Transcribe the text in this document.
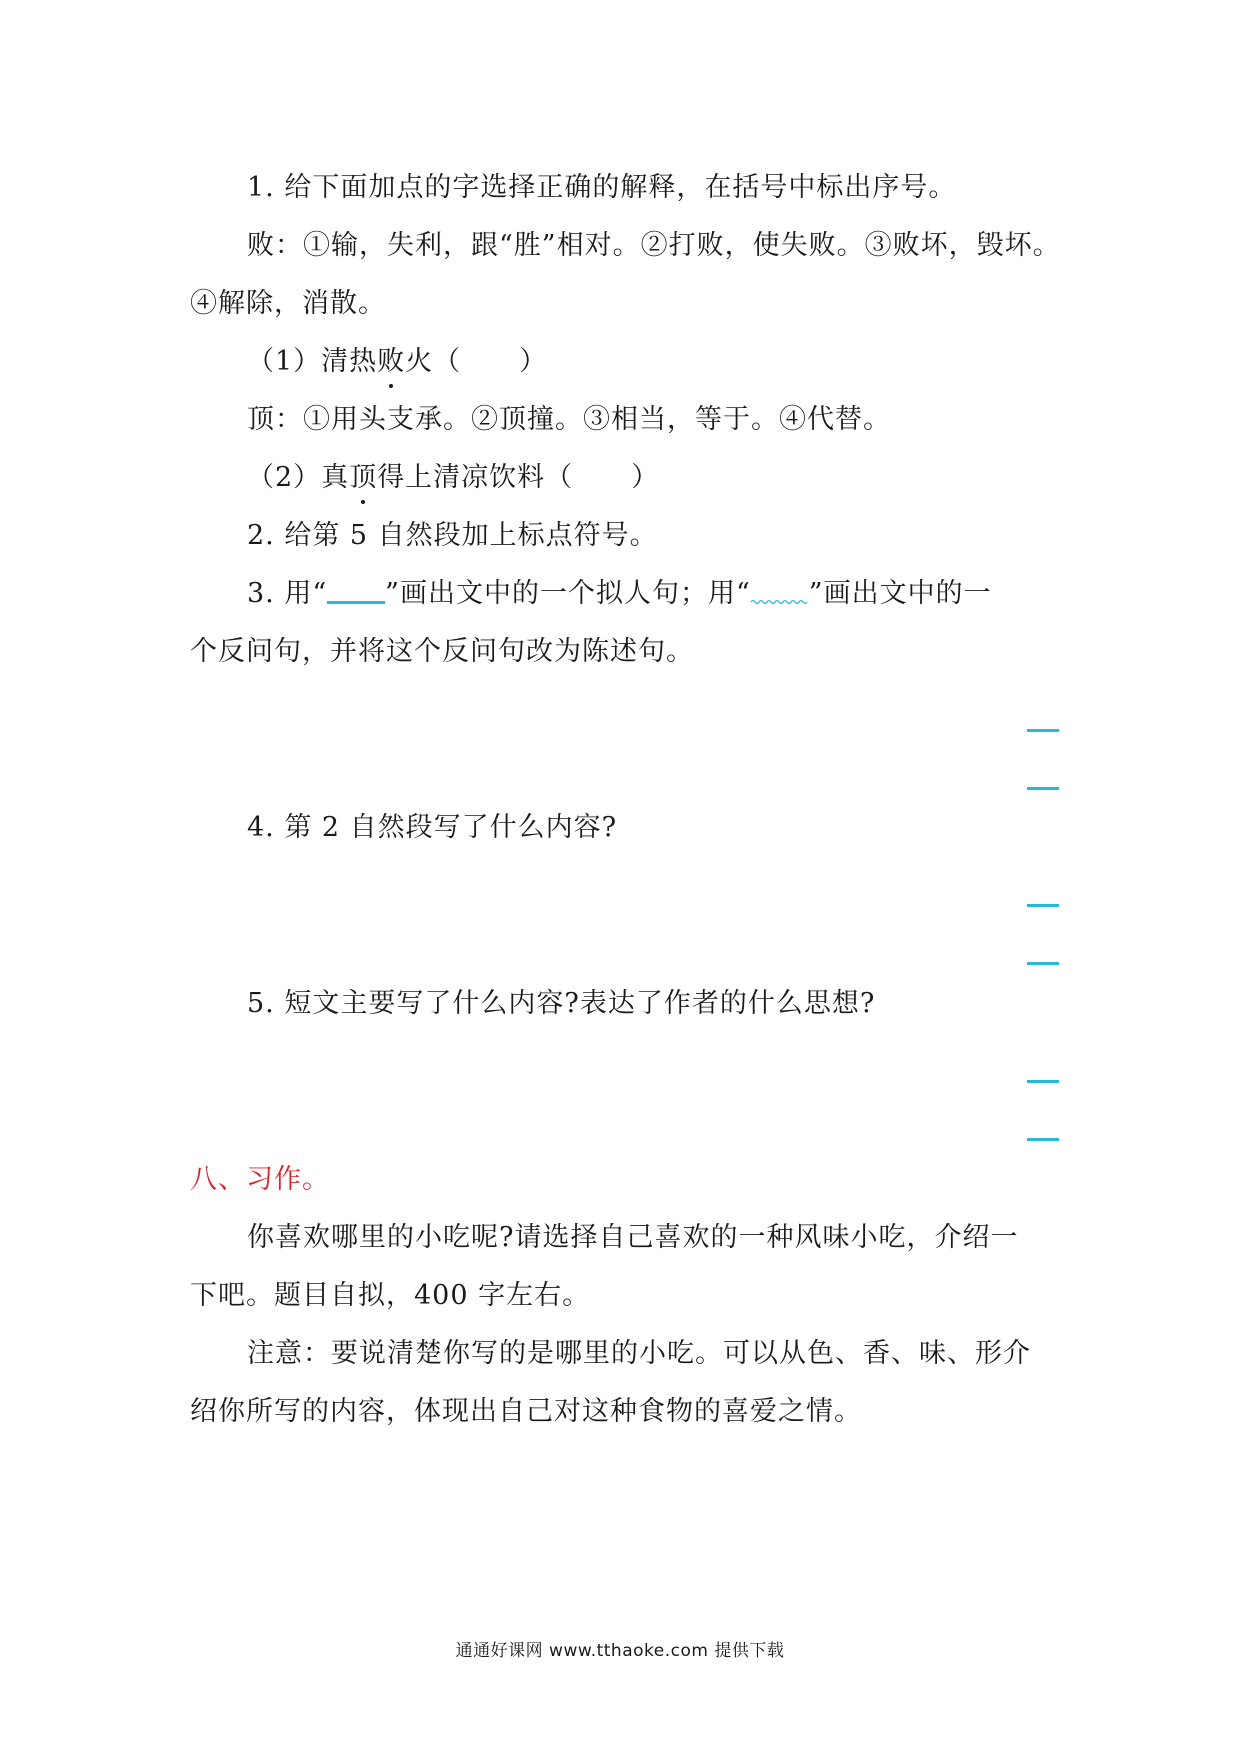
1. 给下面加点的字选择正确的解释，在括号中标出序号。
败：①输，失利，跟“胜”相对。②打败，使失败。③败坏，毁坏。
④解除，消散。
（1）清热败火（ ）
顶：①用头支承。②顶撞。③相当，等于。④代替。
（2）真顶得上清凉饮料（ ）
2. 给第 5 自然段加上标点符号。
3. 用“ ”画出文中的一个拟人句；用“ ”画出文中的一
个反问句，并将这个反问句改为陈述句。
4. 第 2 自然段写了什么内容?
5. 短文主要写了什么内容?表达了作者的什么思想?
八、习作。
你喜欢哪里的小吃呢?请选择自己喜欢的一种风味小吃，介绍一
下吧。题目自拟，400 字左右。
注意：要说清楚你写的是哪里的小吃。可以从色、香、味、形介
绍你所写的内容，体现出自己对这种食物的喜爱之情。
通通好课网 www.tthaoke.com 提供下载
